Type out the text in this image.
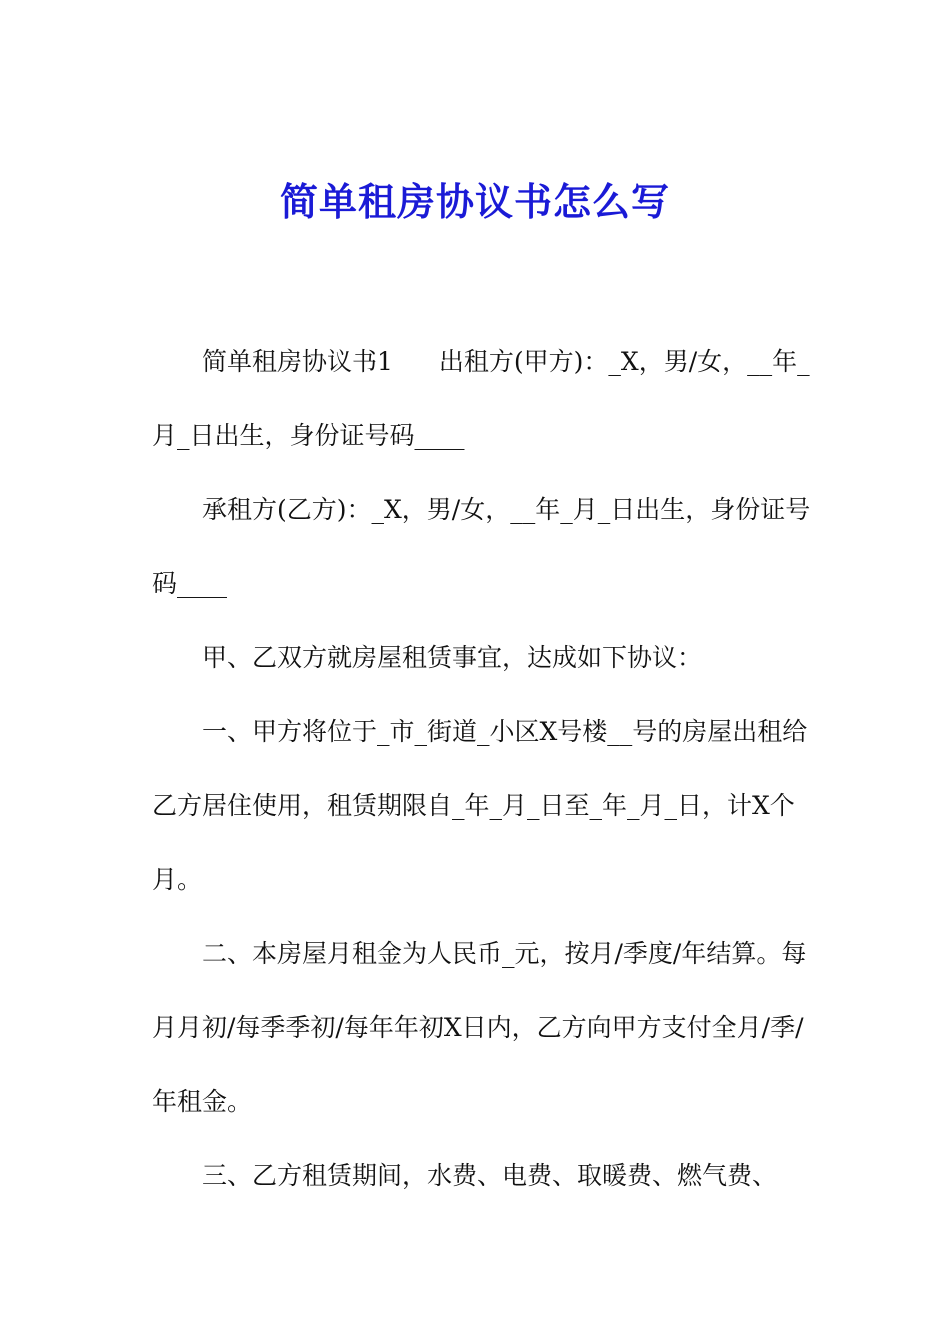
简单租房协议书怎么写

简单租房协议书1 出租方(甲方)：_X，男/女，__年_月_日出生，身份证号码____

承租方(乙方)：_X，男/女，__年_月_日出生，身份证号码____

甲、乙双方就房屋租赁事宜，达成如下协议：

一、甲方将位于_市_街道_小区X号楼__号的房屋出租给乙方居住使用，租赁期限自_年_月_日至_年_月_日，计X个月。

二、本房屋月租金为人民币_元，按月/季度/年结算。每月月初/每季季初/每年年初X日内，乙方向甲方支付全月/季/年租金。

三、乙方租赁期间，水费、电费、取暖费、燃气费、
